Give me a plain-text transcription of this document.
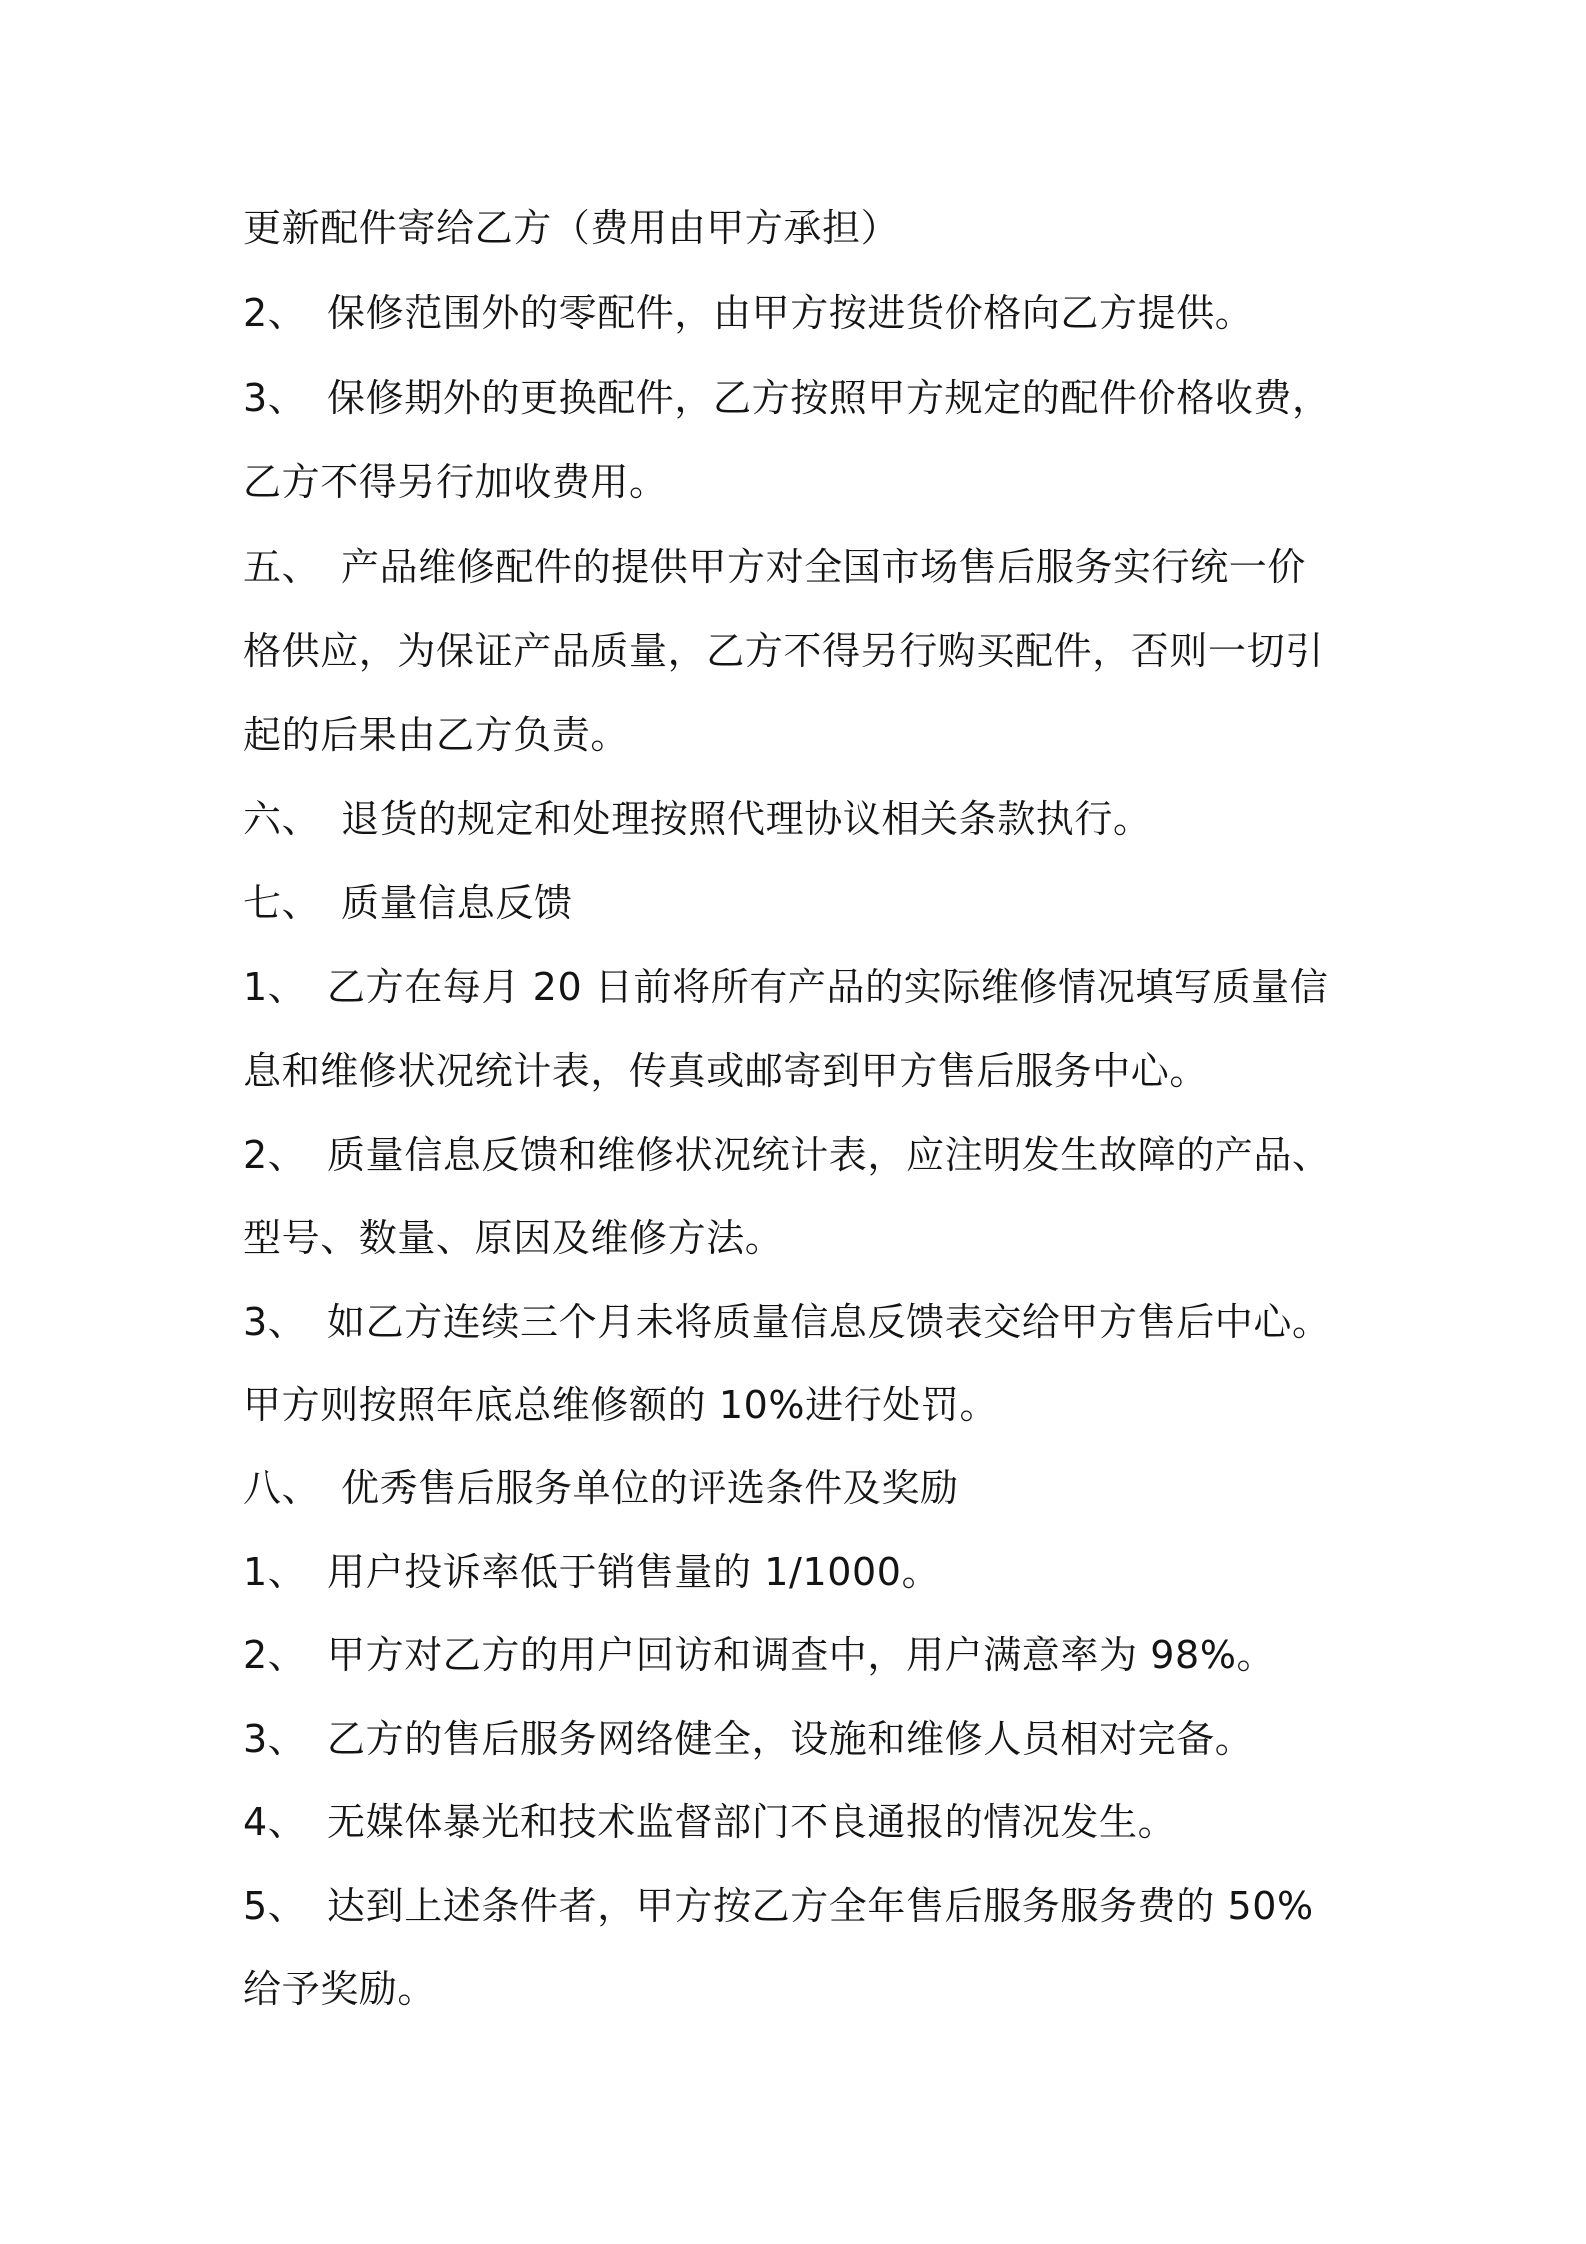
更新配件寄给乙方（费用由甲方承担）
2、 保修范围外的零配件，由甲方按进货价格向乙方提供。
3、 保修期外的更换配件，乙方按照甲方规定的配件价格收费，
乙方不得另行加收费用。
五、 产品维修配件的提供甲方对全国市场售后服务实行统一价
格供应，为保证产品质量，乙方不得另行购买配件，否则一切引
起的后果由乙方负责。
六、 退货的规定和处理按照代理协议相关条款执行。
七、 质量信息反馈
1、 乙方在每月 20 日前将所有产品的实际维修情况填写质量信
息和维修状况统计表，传真或邮寄到甲方售后服务中心。
2、 质量信息反馈和维修状况统计表，应注明发生故障的产品、
型号、数量、原因及维修方法。
3、 如乙方连续三个月未将质量信息反馈表交给甲方售后中心。
甲方则按照年底总维修额的 10%进行处罚。
八、 优秀售后服务单位的评选条件及奖励
1、 用户投诉率低于销售量的 1/1000。
2、 甲方对乙方的用户回访和调查中，用户满意率为 98%。
3、 乙方的售后服务网络健全，设施和维修人员相对完备。
4、 无媒体暴光和技术监督部门不良通报的情况发生。
5、 达到上述条件者，甲方按乙方全年售后服务服务费的 50%
给予奖励。
